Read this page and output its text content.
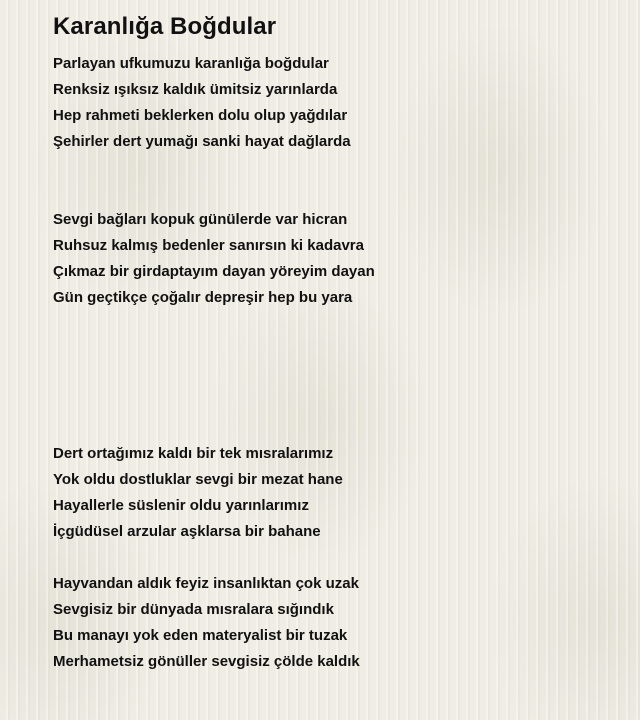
Karanlığa Boğdular
Parlayan ufkumuzu karanlığa boğdular
Renksiz ışıksız kaldık ümitsiz yarınlarda
Hep rahmeti beklerken dolu olup yağdılar
Şehirler dert yumağı sanki hayat dağlarda
Sevgi bağları kopuk günülerde var hicran
Ruhsuz kalmış bedenler sanırsın ki kadavra
Çıkmaz bir girdaptayım dayan yöreyim dayan
Gün geçtikçe çoğalır depreşir hep bu yara
Dert ortağımız kaldı bir tek mısralarımız
Yok oldu dostluklar sevgi bir mezat hane
Hayallerle süslenir oldu yarınlarımız
İçgüdüsel arzular aşklarsa bir bahane
Hayvandan aldık feyiz insanlıktan çok uzak
Sevgisiz bir dünyada mısralara sığındık
Bu manayı yok eden materyalist bir tuzak
Merhametsiz gönüller sevgisiz çölde kaldık
